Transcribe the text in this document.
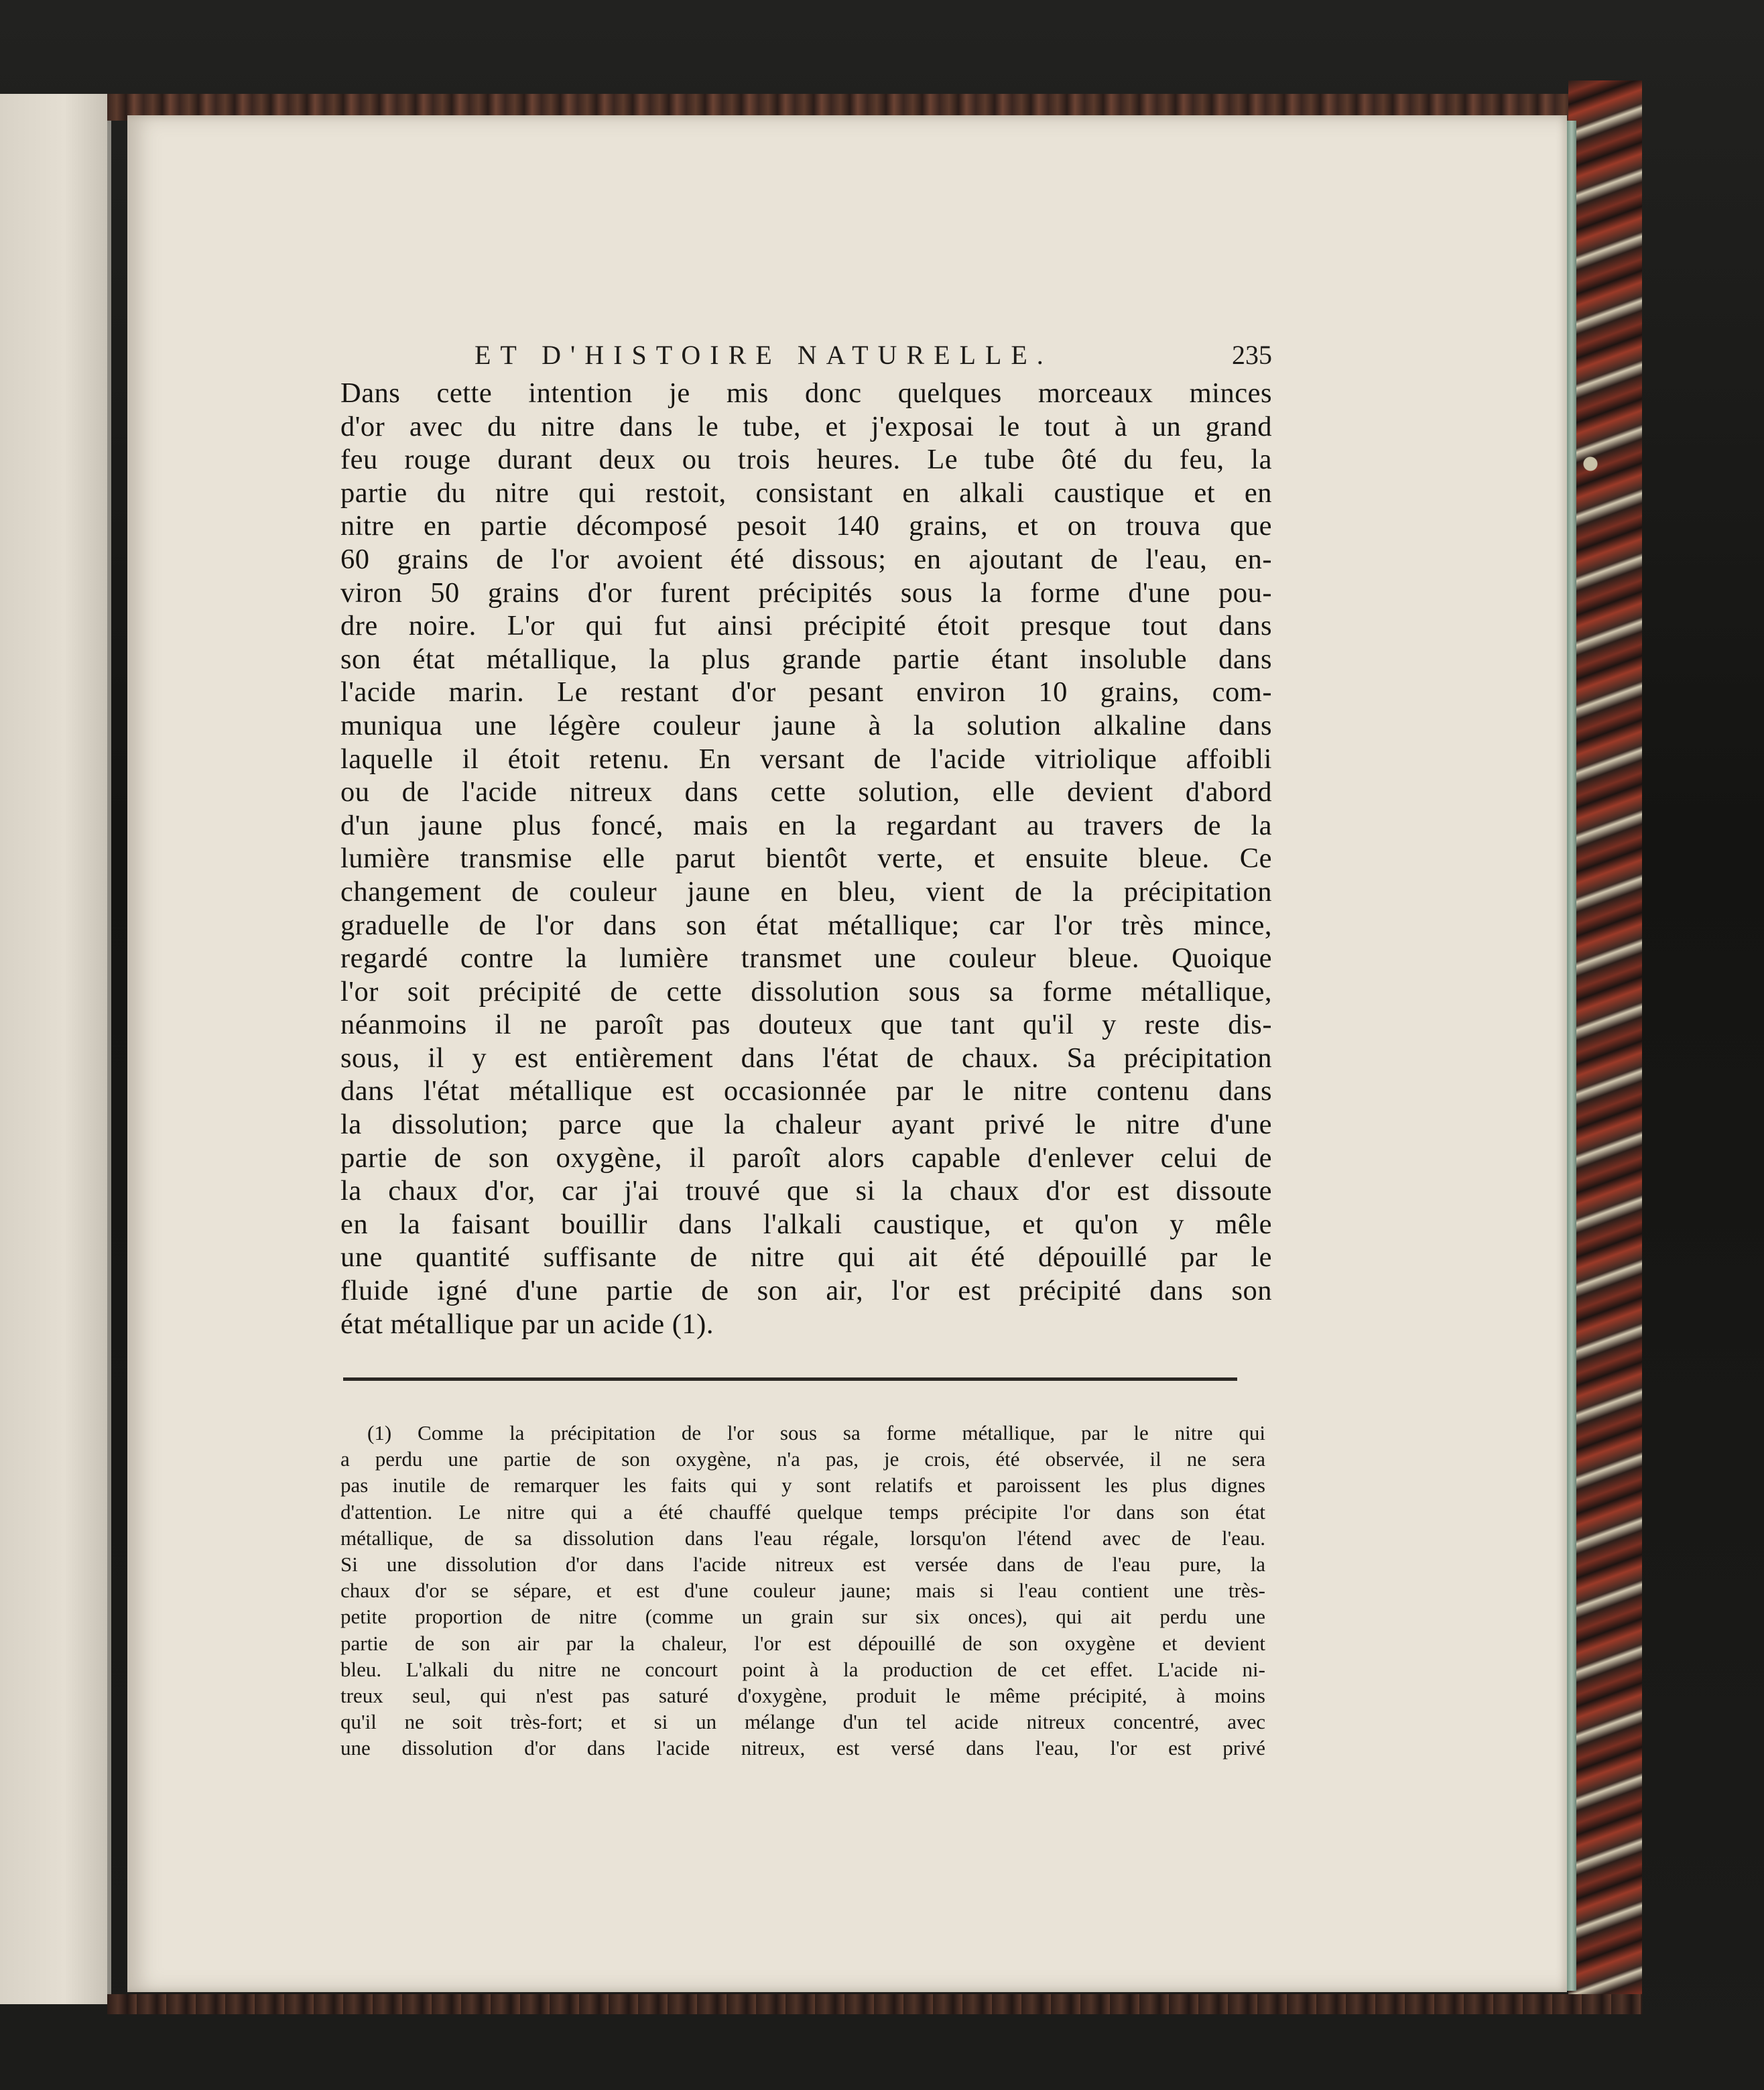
ET D'HISTOIRE NATURELLE.	235
Dans cette intention je mis donc quelques morceaux minces
d'or avec du nitre dans le tube, et j'exposai le tout à un grand
feu rouge durant deux ou trois heures. Le tube ôté du feu, la
partie du nitre qui restoit, consistant en alkali caustique et en
nitre en partie décomposé pesoit 140 grains, et on trouva que
60 grains de l'or avoient été dissous; en ajoutant de l'eau, en-
viron 50 grains d'or furent précipités sous la forme d'une pou-
dre noire. L'or qui fut ainsi précipité étoit presque tout dans
son état métallique, la plus grande partie étant insoluble dans
l'acide marin. Le restant d'or pesant environ 10 grains, com-
muniqua une légère couleur jaune à la solution alkaline dans
laquelle il étoit retenu. En versant de l'acide vitriolique affoibli
ou de l'acide nitreux dans cette solution, elle devient d'abord
d'un jaune plus foncé, mais en la regardant au travers de la
lumière transmise elle parut bientôt verte, et ensuite bleue. Ce
changement de couleur jaune en bleu, vient de la précipitation
graduelle de l'or dans son état métallique; car l'or très mince,
regardé contre la lumière transmet une couleur bleue. Quoique
l'or soit précipité de cette dissolution sous sa forme métallique,
néanmoins il ne paroît pas douteux que tant qu'il y reste dis-
sous, il y est entièrement dans l'état de chaux. Sa précipitation
dans l'état métallique est occasionnée par le nitre contenu dans
la dissolution; parce que la chaleur ayant privé le nitre d'une
partie de son oxygène, il paroît alors capable d'enlever celui de
la chaux d'or, car j'ai trouvé que si la chaux d'or est dissoute
en la faisant bouillir dans l'alkali caustique, et qu'on y mêle
une quantité suffisante de nitre qui ait été dépouillé par le
fluide igné d'une partie de son air, l'or est précipité dans son
état métallique par un acide (1).
(1) Comme la précipitation de l'or sous sa forme métallique, par le nitre qui
a perdu une partie de son oxygène, n'a pas, je crois, été observée, il ne sera
pas inutile de remarquer les faits qui y sont relatifs et paroissent les plus dignes
d'attention. Le nitre qui a été chauffé quelque temps précipite l'or dans son état
métallique, de sa dissolution dans l'eau régale, lorsqu'on l'étend avec de l'eau.
Si une dissolution d'or dans l'acide nitreux est versée dans de l'eau pure, la
chaux d'or se sépare, et est d'une couleur jaune; mais si l'eau contient une très-
petite proportion de nitre (comme un grain sur six onces), qui ait perdu une
partie de son air par la chaleur, l'or est dépouillé de son oxygène et devient
bleu. L'alkali du nitre ne concourt point à la production de cet effet. L'acide ni-
treux seul, qui n'est pas saturé d'oxygène, produit le même précipité, à moins
qu'il ne soit très-fort; et si un mélange d'un tel acide nitreux concentré, avec
une dissolution d'or dans l'acide nitreux, est versé dans l'eau, l'or est privé
